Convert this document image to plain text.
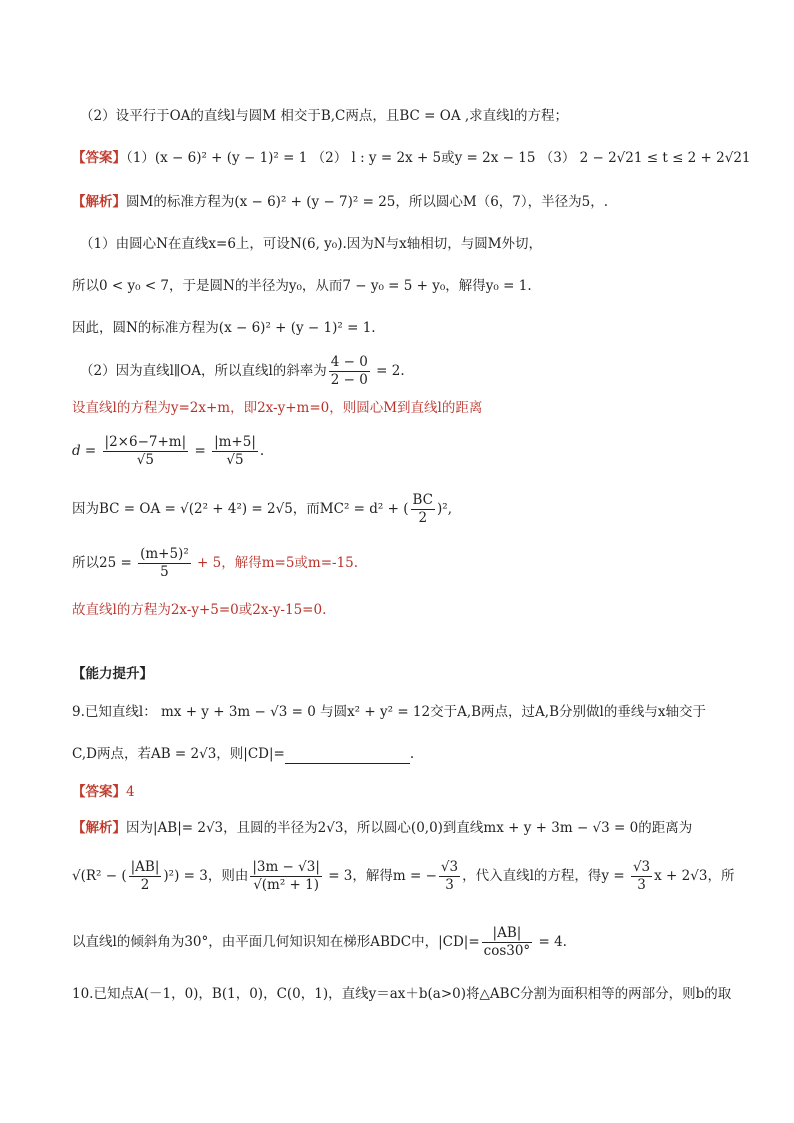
（2）设平行于OA的直线l与圆M 相交于B,C两点，且BC = OA ,求直线l的方程；
【答案】（1）(x − 6)² + (y − 1)² = 1 （2） l : y = 2x + 5或y = 2x − 15 （3） 2 − 2√21 ≤ t ≤ 2 + 2√21
【解析】圆M的标准方程为(x − 6)² + (y − 7)² = 25，所以圆心M（6，7），半径为5，.
（1）由圆心N在直线x=6上，可设N(6, y₀).因为N与x轴相切，与圆M外切，
所以0 < y₀ < 7，于是圆N的半径为y₀，从而7 − y₀ = 5 + y₀，解得y₀ = 1.
因此，圆N的标准方程为(x − 6)² + (y − 1)² = 1.
（2）因为直线l∥OA，所以直线l的斜率为 $\frac{4 - 0}{2 - 0} = 2$.
设直线l的方程为y=2x+m，即2x-y+m=0，则圆心M到直线l的距离
$d = \frac{|2\times 6-7+m|}{√5} = \frac{|m+5|}{√5}$ .
因为BC = OA = √(2² + 4²) = 2√5，而MC² = d² + ( $\frac{BC}{2} )^2$,
所以$25 = \frac{\text{(m+5)²}}{5} + 5$，解得m=5或m=-15.
故直线l的方程为2x-y+5=0或2x-y-15=0.
【能力提升】
9.已知直线l： mx + y + 3m − √3 = 0 与圆x² + y² = 12交于A,B两点，过A,B分别做l的垂线与x轴交于
C,D两点，若AB = 2√3，则|CD|=	.
【答案】4
【解析】因为|AB|= 2√3，且圆的半径为2√3，所以圆心(0,0)到直线mx + y + 3m − √3 = 0的距离为
√(R² − ( $\frac{|AB|}{2} )^2) = 3$，则由 $\frac{|3m - √3|}{\text{√(m² + 1)}} = 3$，解得m = − $\frac{√3}{3}$ ，代入直线l的方程，得$y = \frac{√3}{3}$ x + 2√3，所
以直线l的倾斜角为30°，由平面几何知识知在梯形ABDC中，$|CD|= \frac{|AB|}{\cos 30^\circ} = 4$.
10.已知点A(－1，0)，B(1，0)，C(0，1)，直线y＝ax＋b(a>0)将△ABC分割为面积相等的两部分，则b的取
